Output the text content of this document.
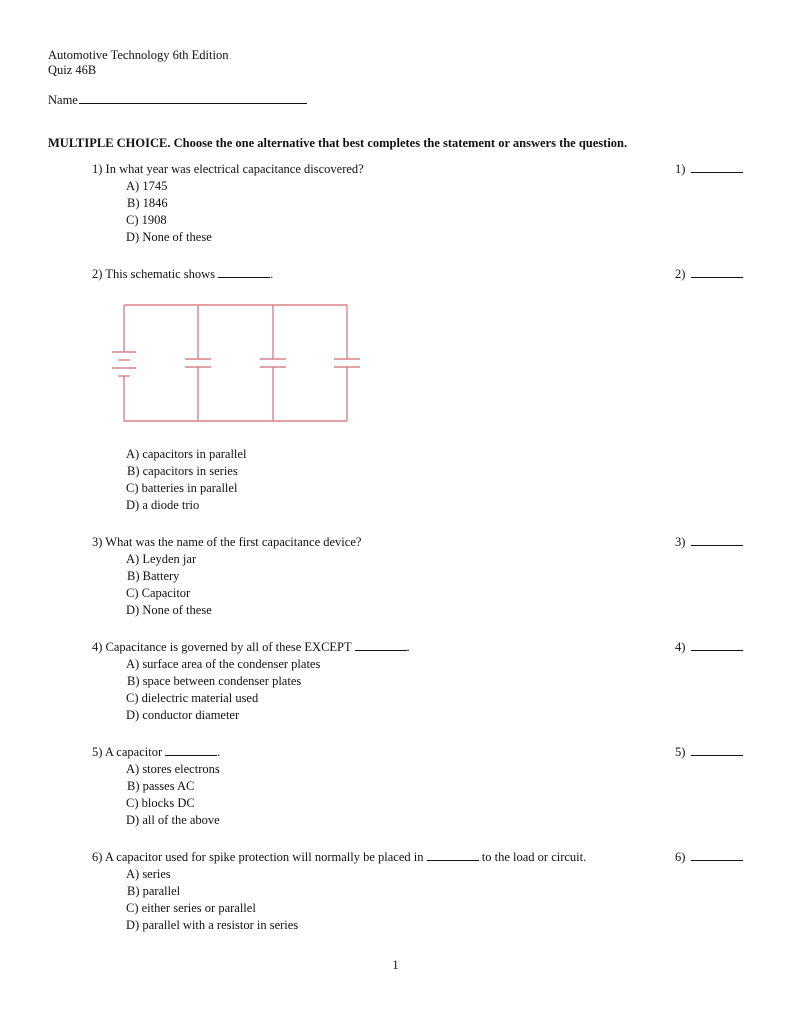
Automotive Technology 6th Edition
Quiz 46B
Name
MULTIPLE CHOICE. Choose the one alternative that best completes the statement or answers the question.
1) In what year was electrical capacitance discovered?
A) 1745
B) 1846
C) 1908
D) None of these
1)
2) This schematic shows	.	2)
A) capacitors in parallel
B) capacitors in series
C) batteries in parallel
D) a diode trio
3) What was the name of the first capacitance device?
A) Leyden jar
B) Battery
C) Capacitor
D) None of these
3)
4) Capacitance is governed by all of these EXCEPT	.
A) surface area of the condenser plates
B) space between condenser plates
C) dielectric material used
D) conductor diameter
4)
5) A capacitor	.
A) stores electrons
B) passes AC
C) blocks DC
D) all of the above
5)
6) A capacitor used for spike protection will normally be placed in	to the load or circuit.
A) series
B) parallel
C) either series or parallel
D) parallel with a resistor in series
6)
1
